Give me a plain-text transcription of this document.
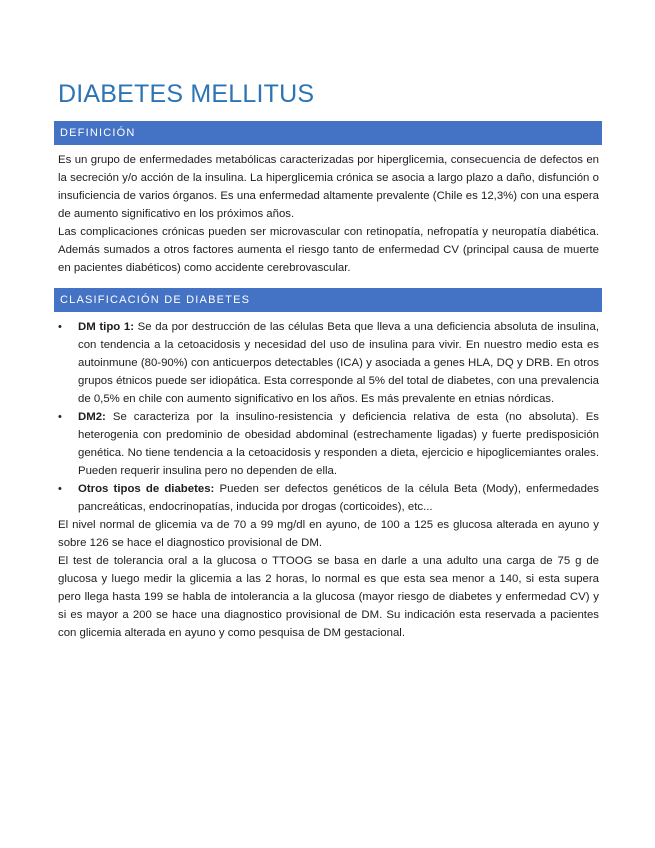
DIABETES MELLITUS
DEFINICIÓN

Es un grupo de enfermedades metabólicas caracterizadas por hiperglicemia, consecuencia de defectos en la secreción y/o acción de la insulina. La hiperglicemia crónica se asocia a largo plazo a daño, disfunción o insuficiencia de varios órganos. Es una enfermedad altamente prevalente (Chile es 12,3%) con una espera de aumento significativo en los próximos años.

Las complicaciones crónicas pueden ser microvascular con retinopatía, nefropatía y neuropatía diabética. Además sumados a otros factores aumenta el riesgo tanto de enfermedad CV (principal causa de muerte en pacientes diabéticos) como accidente cerebrovascular.

CLASIFICACIÓN DE DIABETES
•	DM tipo 1: Se da por destrucción de las células Beta que lleva a una deficiencia absoluta de insulina, con tendencia a la cetoacidosis y necesidad del uso de insulina para vivir. En nuestro medio esta es autoinmune (80-90%) con anticuerpos detectables (ICA) y asociada a genes HLA, DQ y DRB. En otros grupos étnicos puede ser idiopática. Esta corresponde al 5% del total de diabetes, con una prevalencia de 0,5% en chile con aumento significativo en los años. Es más prevalente en etnias nórdicas.
•	DM2: Se caracteriza por la insulino-resistencia y deficiencia relativa de esta (no absoluta). Es heterogenia con predominio de obesidad abdominal (estrechamente ligadas) y fuerte predisposición genética. No tiene tendencia a la cetoacidosis y responden a dieta, ejercicio e hipoglicemiantes orales. Pueden requerir insulina pero no dependen de ella.
•	Otros tipos de diabetes: Pueden ser defectos genéticos de la célula Beta (Mody), enfermedades pancreáticas, endocrinopatías, inducida por drogas (corticoides), etc...

El nivel normal de glicemia va de 70 a 99 mg/dl en ayuno, de 100 a 125 es glucosa alterada en ayuno y sobre 126 se hace el diagnostico provisional de DM.

El test de tolerancia oral a la glucosa o TTOOG se basa en darle a una adulto una carga de 75 g de glucosa y luego medir la glicemia a las 2 horas, lo normal es que esta sea menor a 140, si esta supera pero llega hasta 199 se habla de intolerancia a la glucosa (mayor riesgo de diabetes y enfermedad CV) y si es mayor a 200 se hace una diagnostico provisional de DM. Su indicación esta reservada a pacientes con glicemia alterada en ayuno y como pesquisa de DM gestacional.
